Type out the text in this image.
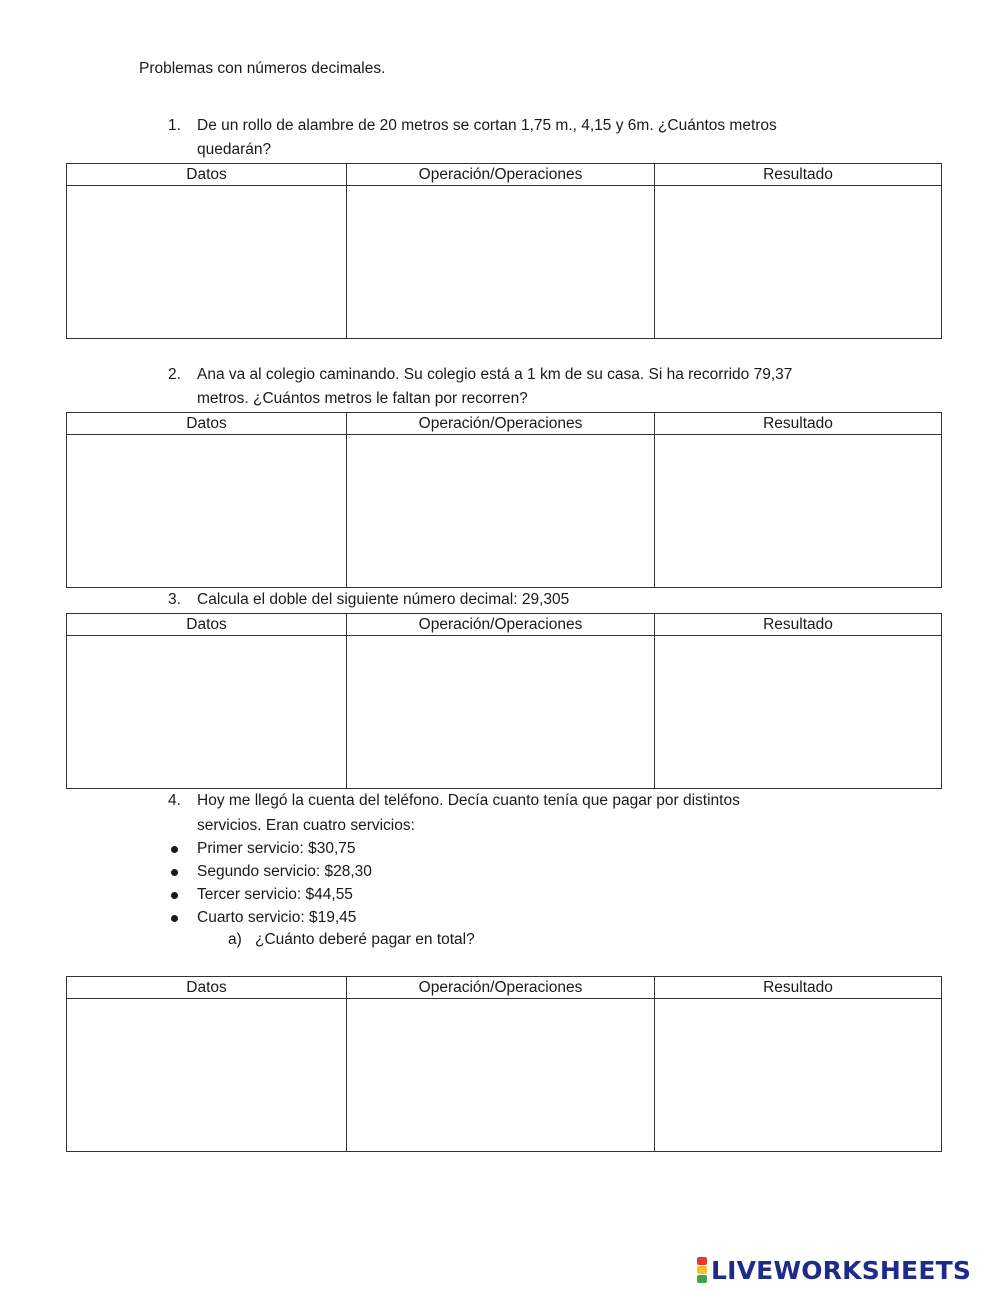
Problemas con números decimales.
1. De un rollo de alambre de 20 metros se cortan 1,75 m., 4,15 y 6m. ¿Cuántos metros
quedarán?
Datos	Operación/Operaciones	Resultado

2. Ana va al colegio caminando. Su colegio está a 1 km de su casa. Si ha recorrido 79,37
metros. ¿Cuántos metros le faltan por recorren?
Datos	Operación/Operaciones	Resultado

3. Calcula el doble del siguiente número decimal: 29,305
Datos	Operación/Operaciones	Resultado

4. Hoy me llegó la cuenta del teléfono. Decía cuanto tenía que pagar por distintos
servicios. Eran cuatro servicios:
Primer servicio: $30,75
Segundo servicio: $28,30
Tercer servicio: $44,55
Cuarto servicio: $19,45
a) ¿Cuánto deberé pagar en total?
Datos	Operación/Operaciones	Resultado

LIVEWORKSHEETS
